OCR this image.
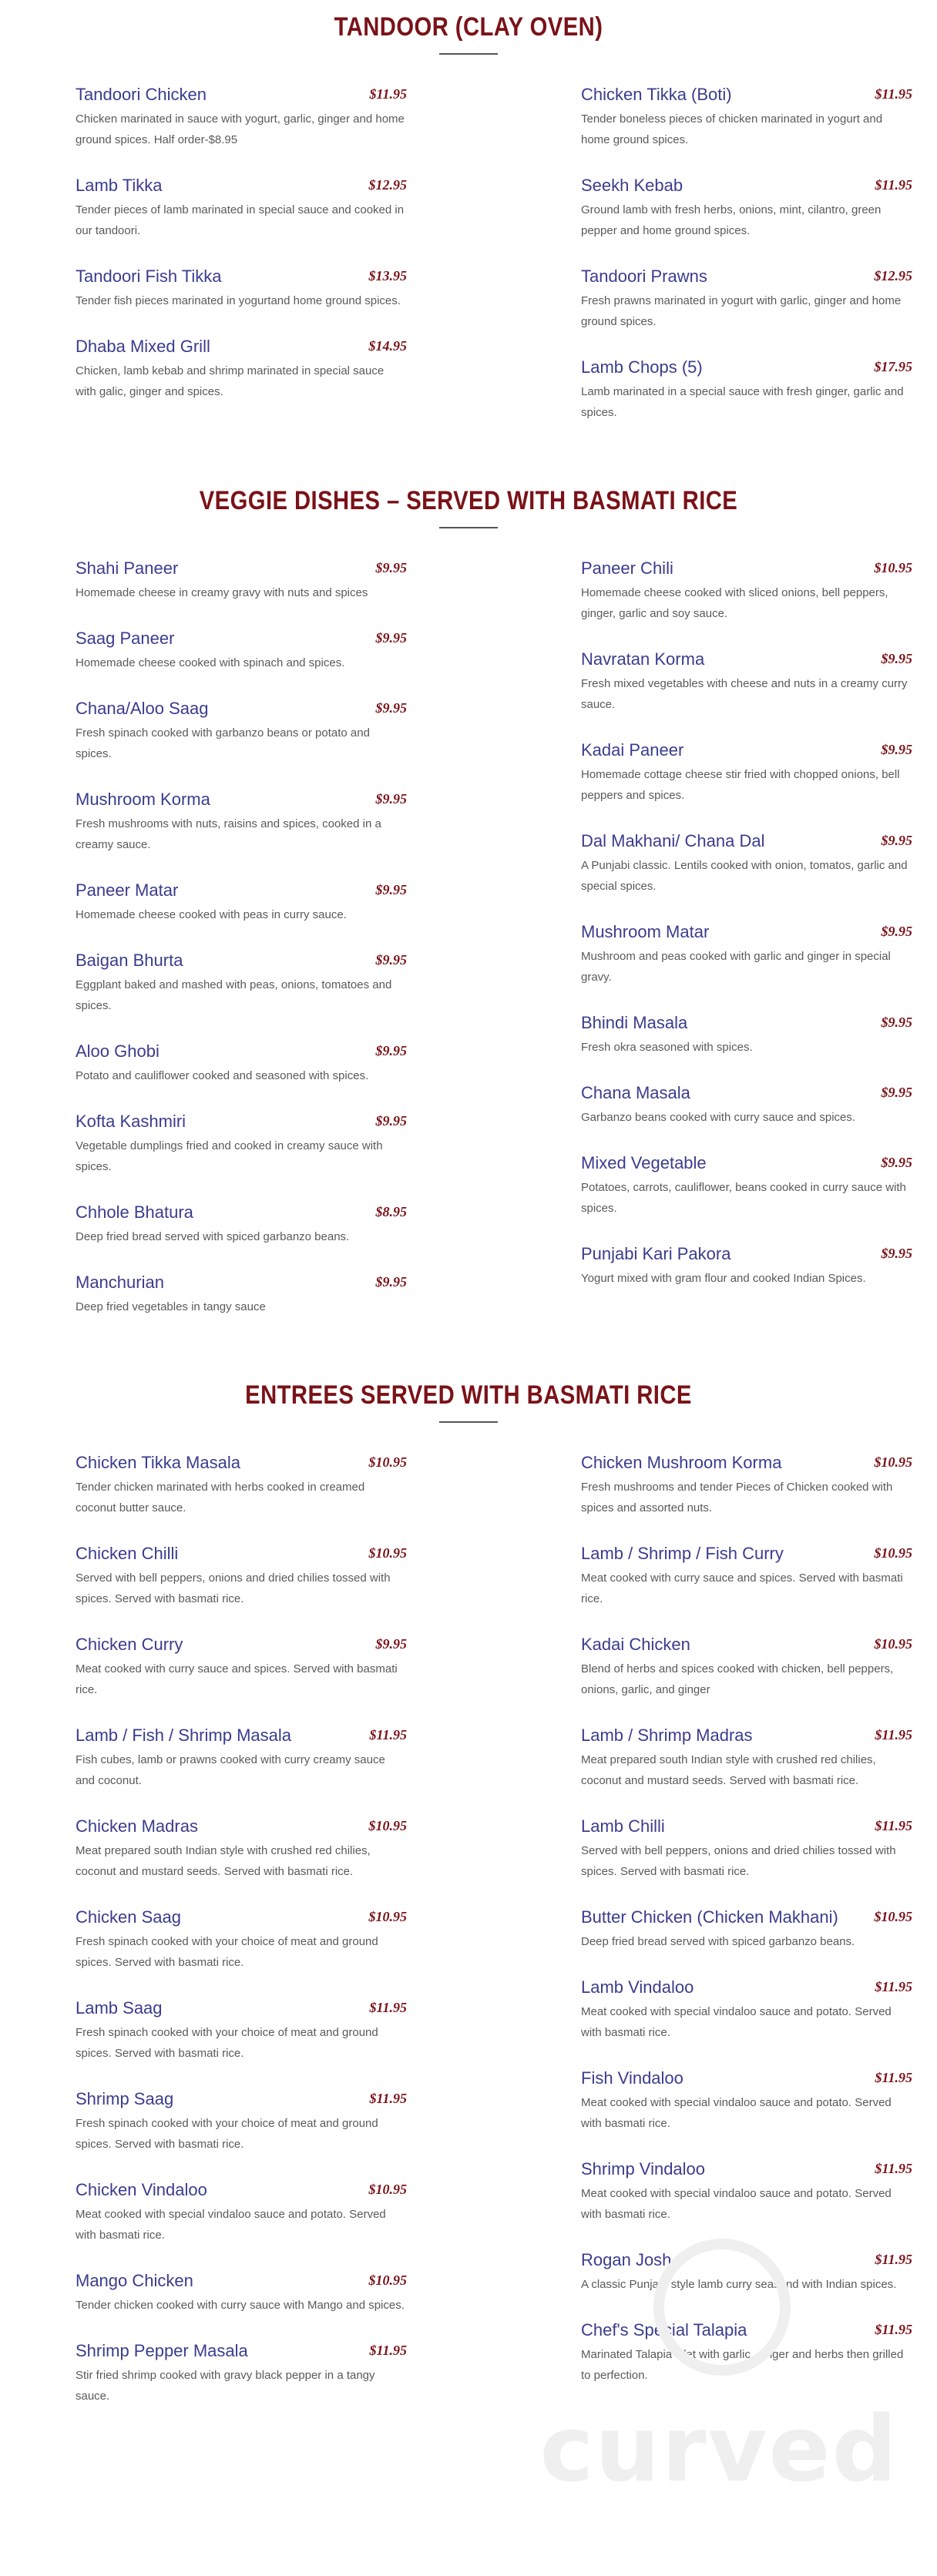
TANDOOR (CLAY OVEN)
Tandoori Chicken	$11.95
Chicken marinated in sauce with yogurt, garlic, ginger and home ground spices. Half order-$8.95
Lamb Tikka	$12.95
Tender pieces of lamb marinated in special sauce and cooked in our tandoori.
Tandoori Fish Tikka	$13.95
Tender fish pieces marinated in yogurtand home ground spices.
Dhaba Mixed Grill	$14.95
Chicken, lamb kebab and shrimp marinated in special sauce with galic, ginger and spices.
Chicken Tikka (Boti)	$11.95
Tender boneless pieces of chicken marinated in yogurt and home ground spices.
Seekh Kebab	$11.95
Ground lamb with fresh herbs, onions, mint, cilantro, green pepper and home ground spices.
Tandoori Prawns	$12.95
Fresh prawns marinated in yogurt with garlic, ginger and home ground spices.
Lamb Chops (5)	$17.95
Lamb marinated in a special sauce with fresh ginger, garlic and spices.
VEGGIE DISHES – SERVED WITH BASMATI RICE
Shahi Paneer	$9.95
Homemade cheese in creamy gravy with nuts and spices
Saag Paneer	$9.95
Homemade cheese cooked with spinach and spices.
Chana/Aloo Saag	$9.95
Fresh spinach cooked with garbanzo beans or potato and spices.
Mushroom Korma	$9.95
Fresh mushrooms with nuts, raisins and spices, cooked in a creamy sauce.
Paneer Matar	$9.95
Homemade cheese cooked with peas in curry sauce.
Baigan Bhurta	$9.95
Eggplant baked and mashed with peas, onions, tomatoes and spices.
Aloo Ghobi	$9.95
Potato and cauliflower cooked and seasoned with spices.
Kofta Kashmiri	$9.95
Vegetable dumplings fried and cooked in creamy sauce with spices.
Chhole Bhatura	$8.95
Deep fried bread served with spiced garbanzo beans.
Manchurian	$9.95
Deep fried vegetables in tangy sauce
Paneer Chili	$10.95
Homemade cheese cooked with sliced onions, bell peppers, ginger, garlic and soy sauce.
Navratan Korma	$9.95
Fresh mixed vegetables with cheese and nuts in a creamy curry sauce.
Kadai Paneer	$9.95
Homemade cottage cheese stir fried with chopped onions, bell peppers and spices.
Dal Makhani/ Chana Dal	$9.95
A Punjabi classic. Lentils cooked with onion, tomatos, garlic and special spices.
Mushroom Matar	$9.95
Mushroom and peas cooked with garlic and ginger in special gravy.
Bhindi Masala	$9.95
Fresh okra seasoned with spices.
Chana Masala	$9.95
Garbanzo beans cooked with curry sauce and spices.
Mixed Vegetable	$9.95
Potatoes, carrots, cauliflower, beans cooked in curry sauce with spices.
Punjabi Kari Pakora	$9.95
Yogurt mixed with gram flour and cooked Indian Spices.
ENTREES SERVED WITH BASMATI RICE
Chicken Tikka Masala	$10.95
Tender chicken marinated with herbs cooked in creamed coconut butter sauce.
Chicken Chilli	$10.95
Served with bell peppers, onions and dried chilies tossed with spices. Served with basmati rice.
Chicken Curry	$9.95
Meat cooked with curry sauce and spices. Served with basmati rice.
Lamb / Fish / Shrimp Masala	$11.95
Fish cubes, lamb or prawns cooked with curry creamy sauce and coconut.
Chicken Madras	$10.95
Meat prepared south Indian style with crushed red chilies, coconut and mustard seeds. Served with basmati rice.
Chicken Saag	$10.95
Fresh spinach cooked with your choice of meat and ground spices. Served with basmati rice.
Lamb Saag	$11.95
Fresh spinach cooked with your choice of meat and ground spices. Served with basmati rice.
Shrimp Saag	$11.95
Fresh spinach cooked with your choice of meat and ground spices. Served with basmati rice.
Chicken Vindaloo	$10.95
Meat cooked with special vindaloo sauce and potato. Served with basmati rice.
Mango Chicken	$10.95
Tender chicken cooked with curry sauce with Mango and spices.
Shrimp Pepper Masala	$11.95
Stir fried shrimp cooked with gravy black pepper in a tangy sauce.
Chicken Mushroom Korma	$10.95
Fresh mushrooms and tender Pieces of Chicken cooked with spices and assorted nuts.
Lamb / Shrimp / Fish Curry	$10.95
Meat cooked with curry sauce and spices. Served with basmati rice.
Kadai Chicken	$10.95
Blend of herbs and spices cooked with chicken, bell peppers, onions, garlic, and ginger
Lamb / Shrimp Madras	$11.95
Meat prepared south Indian style with crushed red chilies, coconut and mustard seeds. Served with basmati rice.
Lamb Chilli	$11.95
Served with bell peppers, onions and dried chilies tossed with spices. Served with basmati rice.
Butter Chicken (Chicken Makhani)	$10.95
Deep fried bread served with spiced garbanzo beans.
Lamb Vindaloo	$11.95
Meat cooked with special vindaloo sauce and potato. Served with basmati rice.
Fish Vindaloo	$11.95
Meat cooked with special vindaloo sauce and potato. Served with basmati rice.
Shrimp Vindaloo	$11.95
Meat cooked with special vindaloo sauce and potato. Served with basmati rice.
Rogan Josh	$11.95
A classic Punjabi style lamb curry seasond with Indian spices.
Chef's Special Talapia	$11.95
Marinated Talapia fillet with garlic, ginger and herbs then grilled to perfection.
curved
